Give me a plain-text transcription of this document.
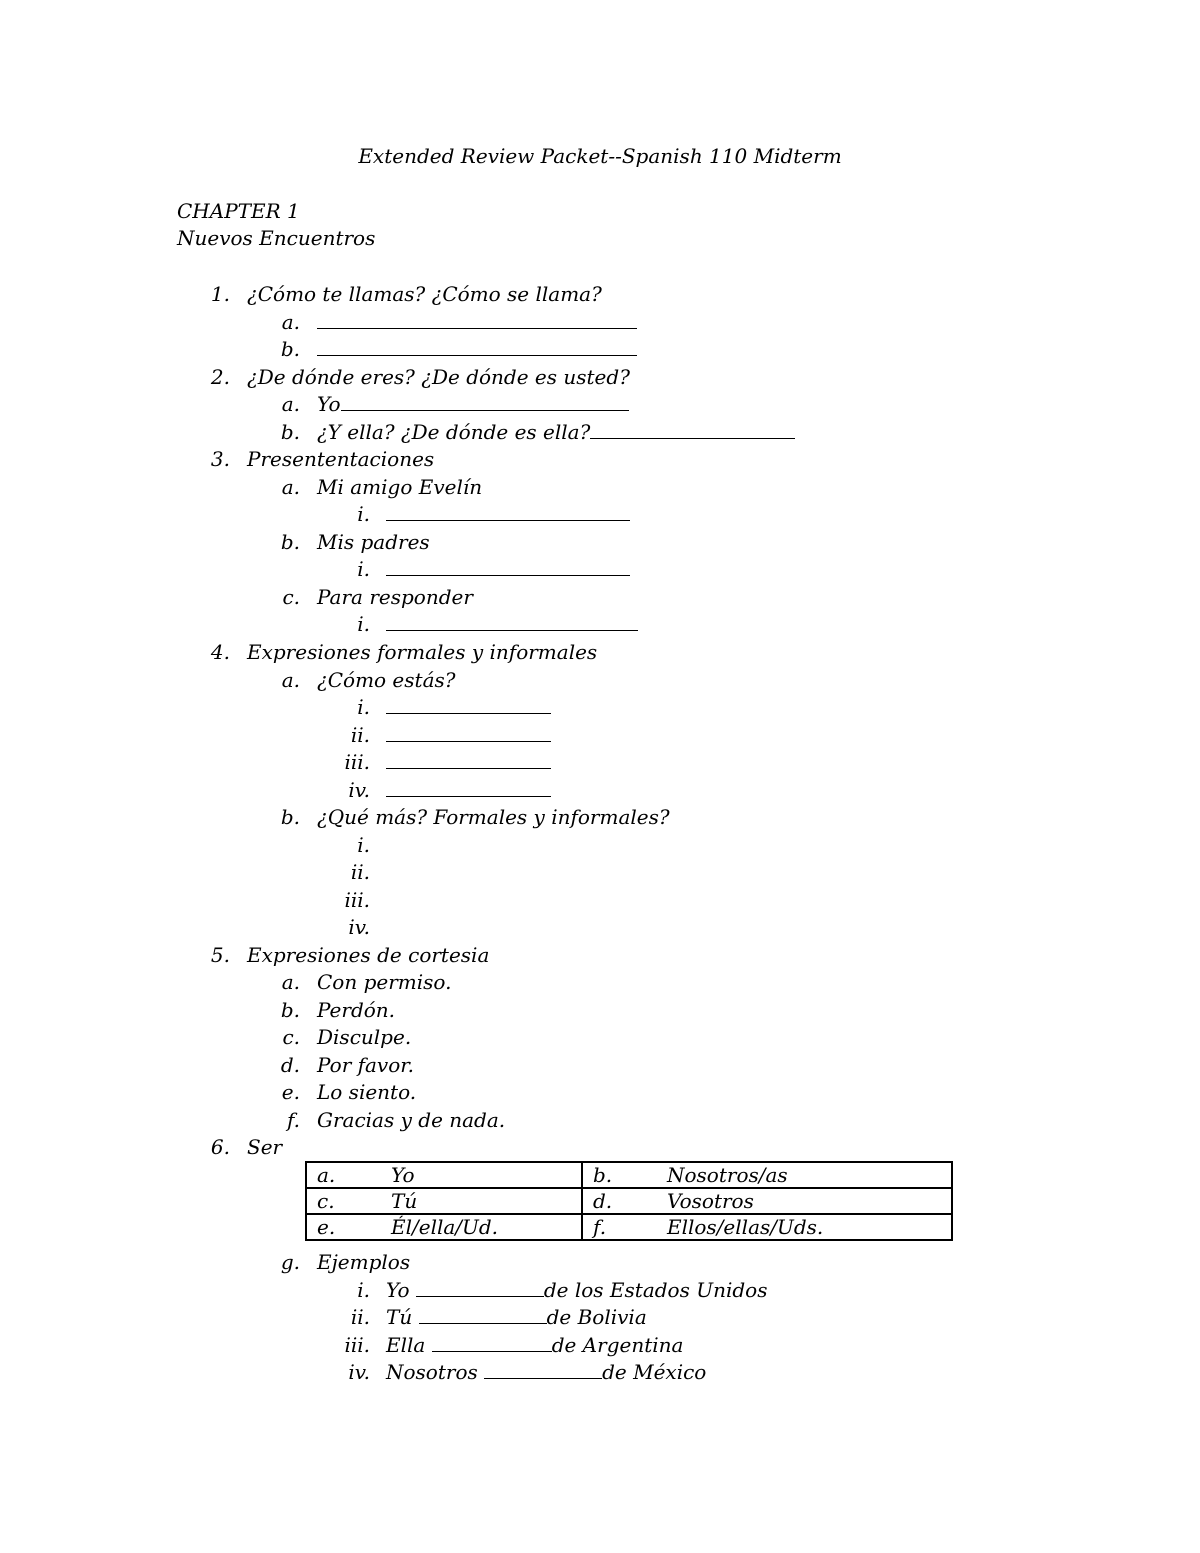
Extended Review Packet--Spanish 110 Midterm
CHAPTER 1
Nuevos Encuentros
1. ¿Cómo te llamas? ¿Cómo se llama?
a.
b.
2. ¿De dónde eres? ¿De dónde es usted?
a. Yo
b. ¿Y ella? ¿De dónde es ella?
3. Presententaciones
a. Mi amigo Evelín
i.
b. Mis padres
i.
c. Para responder
i.
4. Expresiones formales y informales
a. ¿Cómo estás?
i.
ii.
iii.
iv.
b. ¿Qué más? Formales y informales?
i.
ii.
iii.
iv.
5. Expresiones de cortesia
a. Con permiso.
b. Perdón.
c. Disculpe.
d. Por favor.
e. Lo siento.
f. Gracias y de nada.
6. Ser
a. Yo	b. Nosotros/as
c. Tú	d. Vosotros
e. Él/ella/Ud.	f. Ellos/ellas/Uds.
g. Ejemplos
i. Yo	de los Estados Unidos
ii. Tú	de Bolivia
iii. Ella	de Argentina
iv. Nosotros	de México
